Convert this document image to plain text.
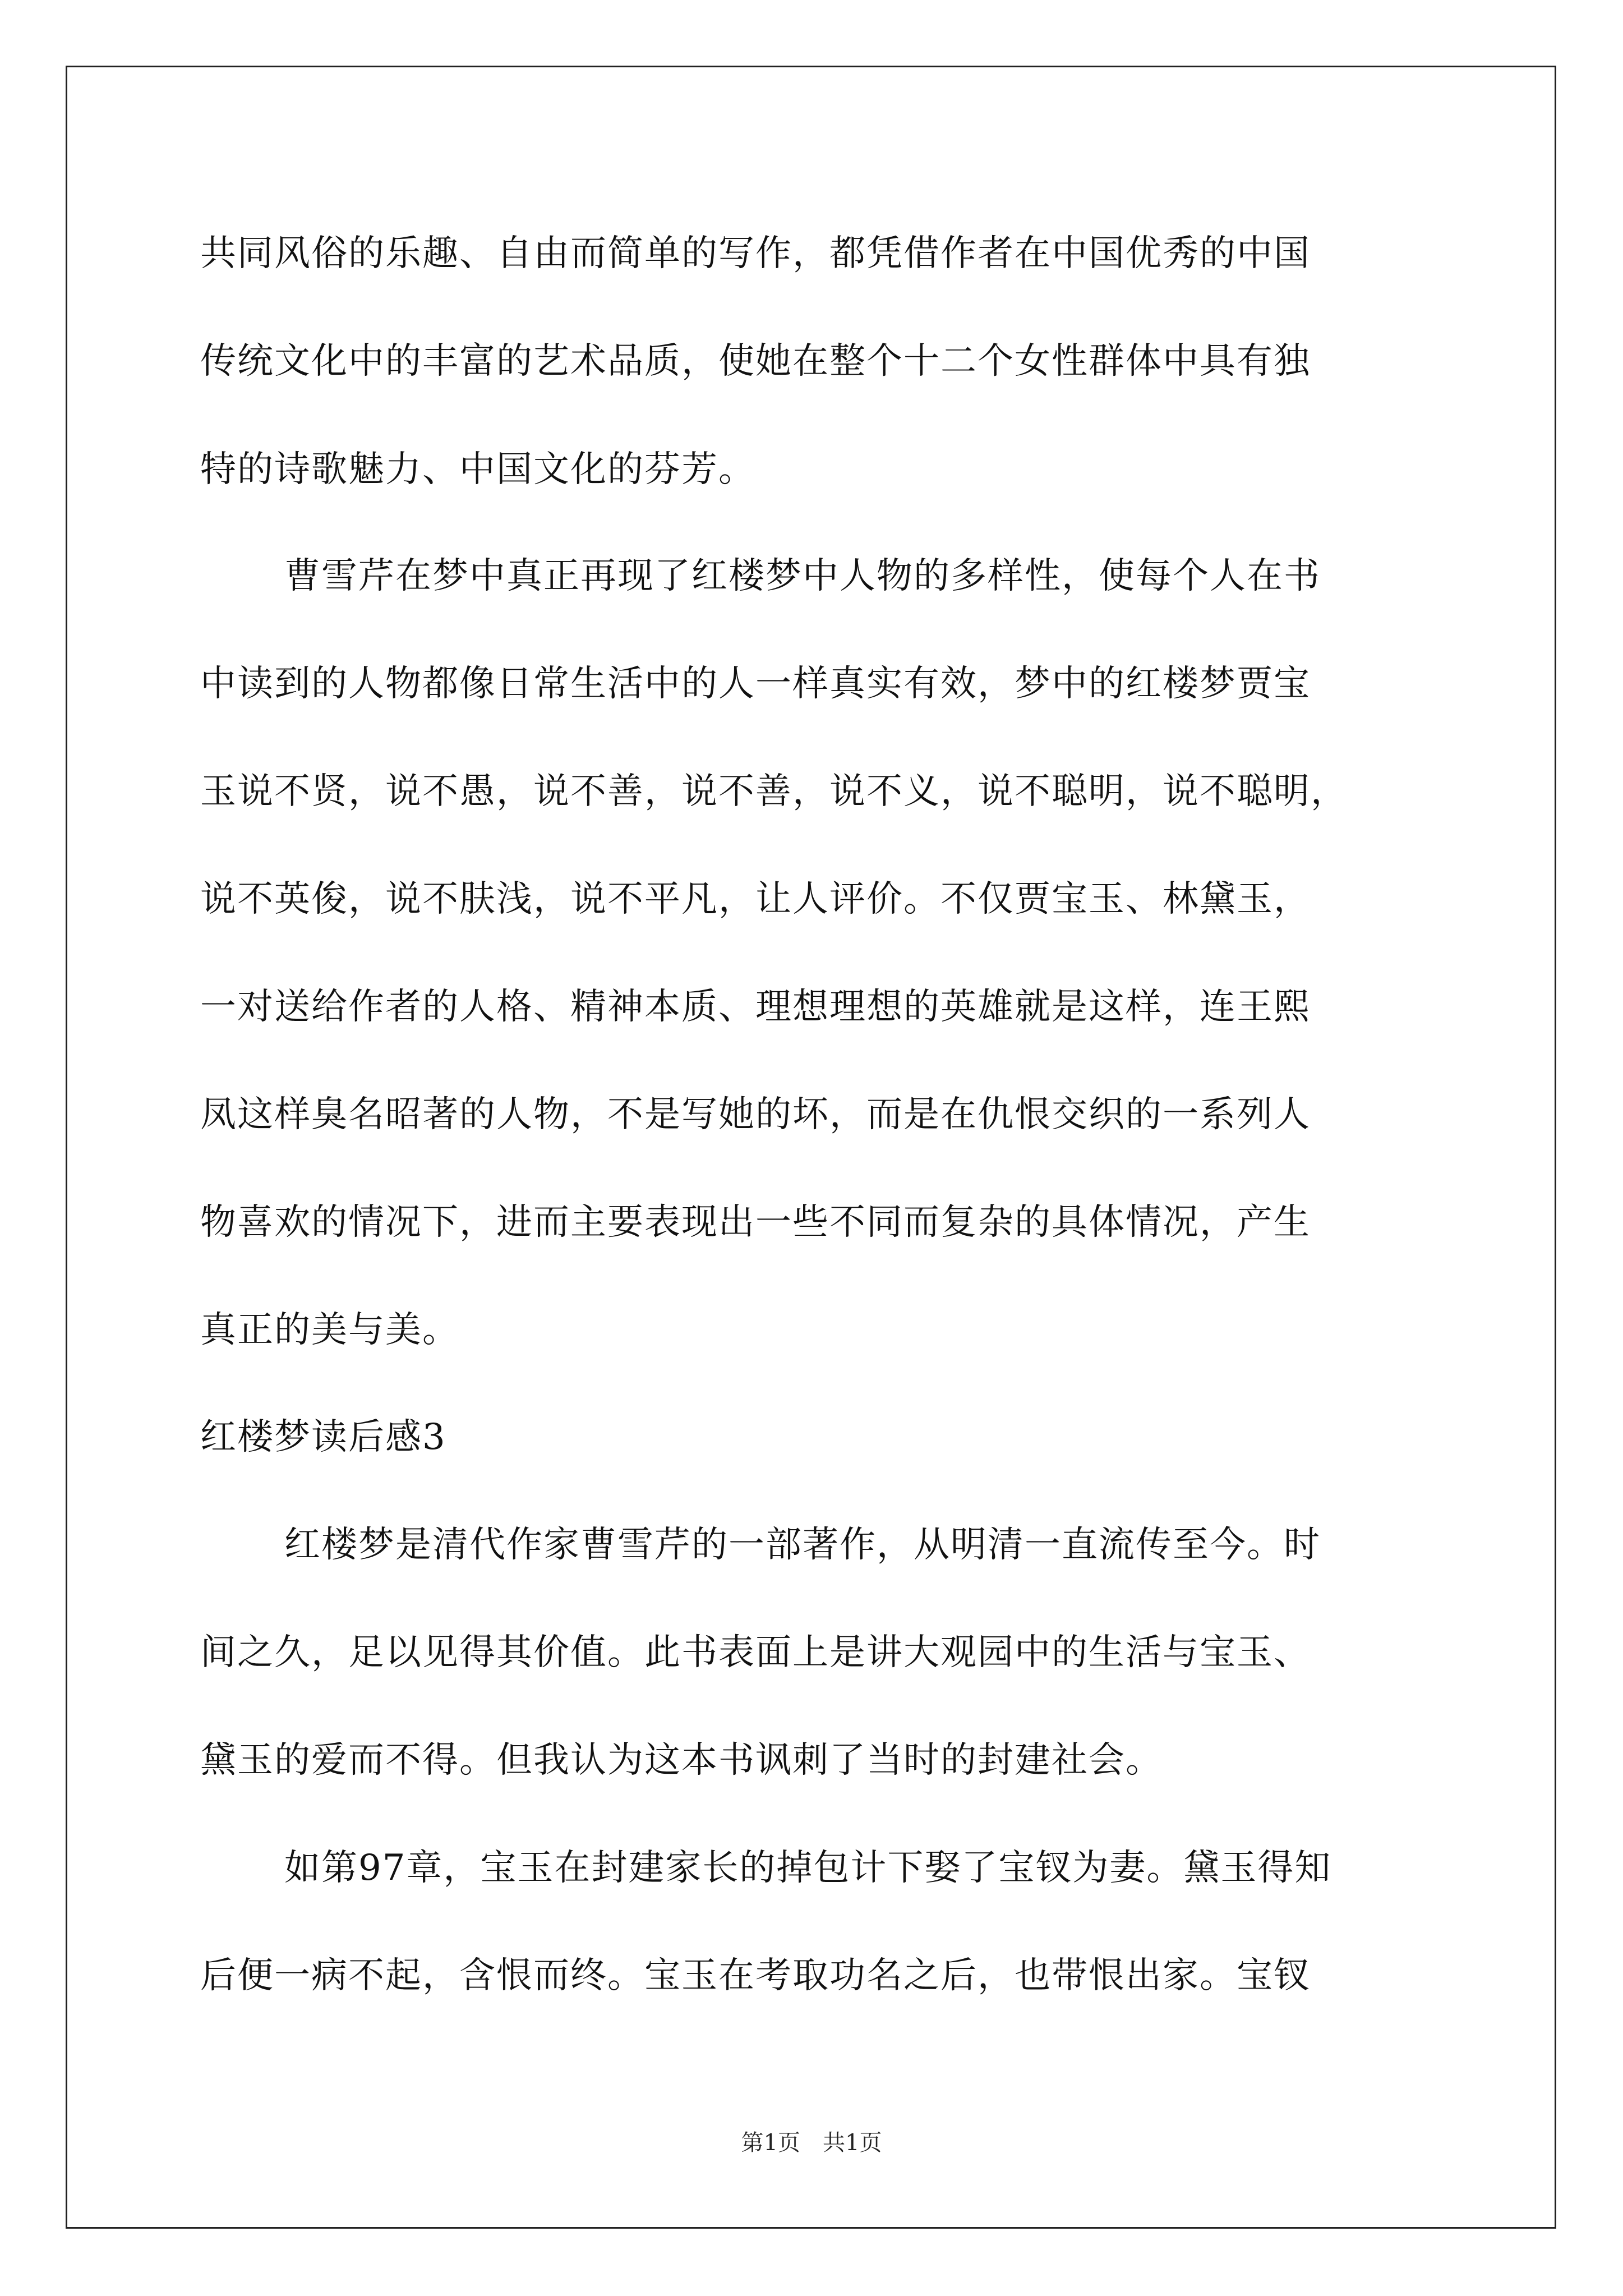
共同风俗的乐趣、自由而简单的写作，都凭借作者在中国优秀的中国
传统文化中的丰富的艺术品质，使她在整个十二个女性群体中具有独
特的诗歌魅力、中国文化的芬芳。
曹雪芹在梦中真正再现了红楼梦中人物的多样性，使每个人在书
中读到的人物都像日常生活中的人一样真实有效，梦中的红楼梦贾宝
玉说不贤，说不愚，说不善，说不善，说不义，说不聪明，说不聪明，
说不英俊，说不肤浅，说不平凡，让人评价。不仅贾宝玉、林黛玉，
一对送给作者的人格、精神本质、理想理想的英雄就是这样，连王熙
凤这样臭名昭著的人物，不是写她的坏，而是在仇恨交织的一系列人
物喜欢的情况下，进而主要表现出一些不同而复杂的具体情况，产生
真正的美与美。
红楼梦读后感3
红楼梦是清代作家曹雪芹的一部著作，从明清一直流传至今。时
间之久，足以见得其价值。此书表面上是讲大观园中的生活与宝玉、
黛玉的爱而不得。但我认为这本书讽刺了当时的封建社会。
如第97章，宝玉在封建家长的掉包计下娶了宝钗为妻。黛玉得知
后便一病不起，含恨而终。宝玉在考取功名之后，也带恨出家。宝钗
第1页 共1页
